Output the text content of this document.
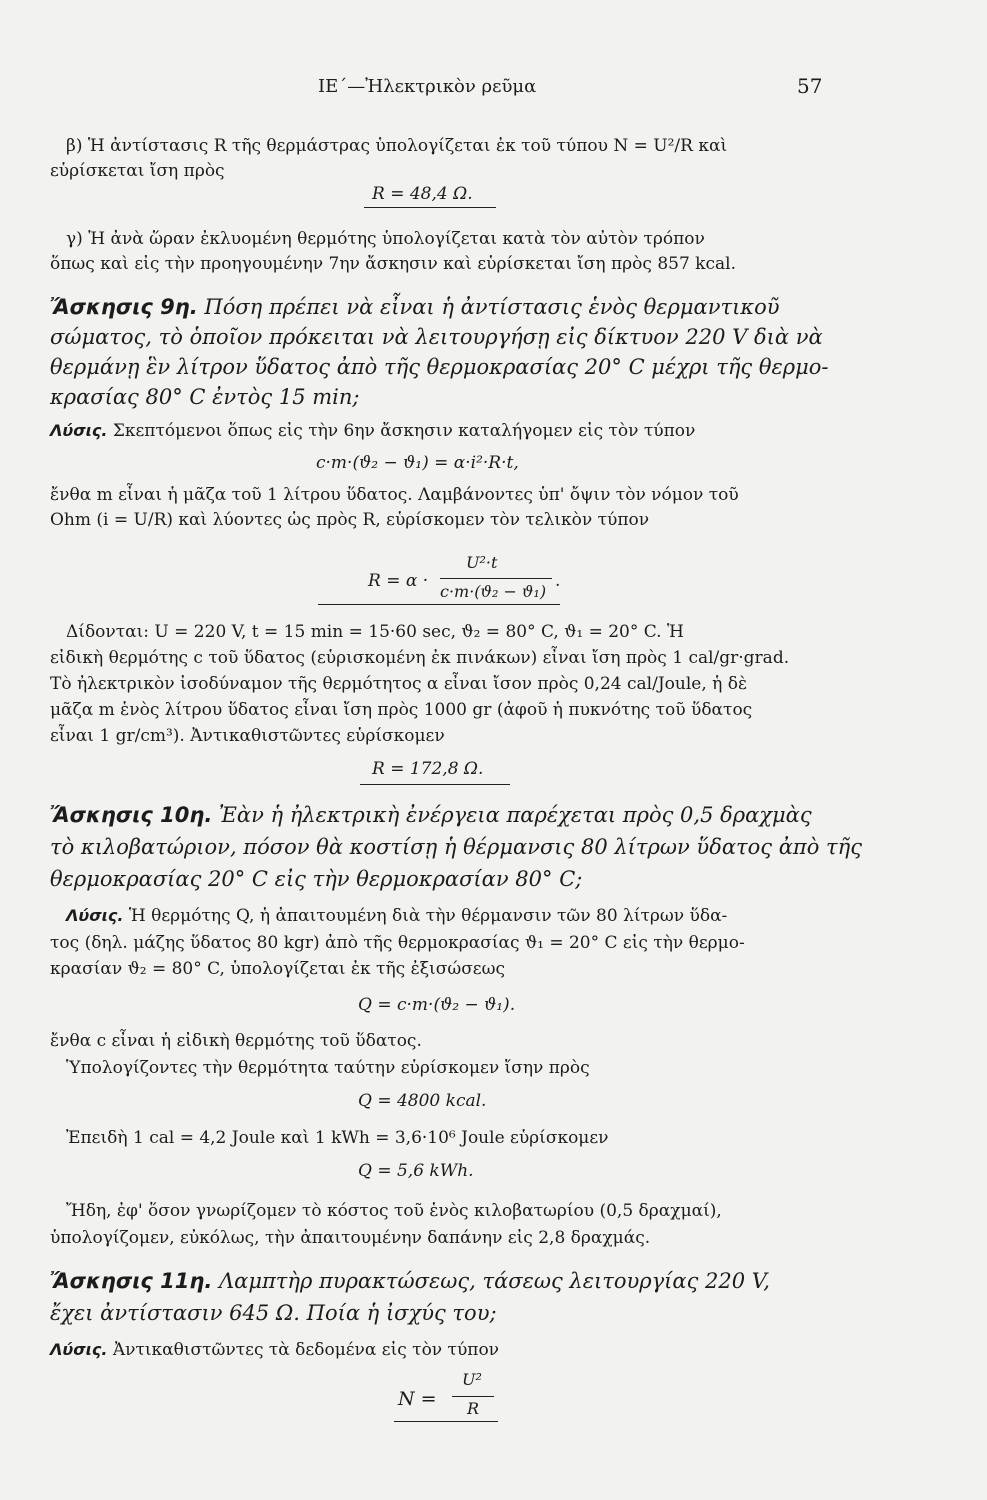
ΙΕ΄—Ἠλεκτρικὸν ρεῦμα	57
β) Ἡ ἀντίστασις R τῆς θερμάστρας ὑπολογίζεται ἐκ τοῦ τύπου N = U²/R καὶ
εὑρίσκεται ἴση πρὸς
R = 48,4 Ω.
γ) Ἡ ἀνὰ ὥραν ἐκλυομένη θερμότης ὑπολογίζεται κατὰ τὸν αὐτὸν τρόπον
ὅπως καὶ εἰς τὴν προηγουμένην 7ην ἄσκησιν καὶ εὑρίσκεται ἴση πρὸς 857 kcal.
Ἄσκησις 9η. Πόση πρέπει νὰ εἶναι ἡ ἀντίστασις ἑνὸς θερμαντικοῦ
σώματος, τὸ ὁποῖον πρόκειται νὰ λειτουργήσῃ εἰς δίκτυον 220 V διὰ νὰ
θερμάνῃ ἓν λίτρον ὕδατος ἀπὸ τῆς θερμοκρασίας 20° C μέχρι τῆς θερμο-
κρασίας 80° C ἐντὸς 15 min;
Λύσις. Σκεπτόμενοι ὅπως εἰς τὴν 6ην ἄσκησιν καταλήγομεν εἰς τὸν τύπον
c·m·(ϑ₂ − ϑ₁) = α·i²·R·t,
ἔνθα m εἶναι ἡ μᾶζα τοῦ 1 λίτρου ὕδατος. Λαμβάνοντες ὑπ' ὄψιν τὸν νόμον τοῦ
Ohm (i = U/R) καὶ λύοντες ὡς πρὸς R, εὑρίσκομεν τὸν τελικὸν τύπον
R = α ·
U²·t
c·m·(ϑ₂ − ϑ₁)
.
Δίδονται: U = 220 V, t = 15 min = 15·60 sec, ϑ₂ = 80° C, ϑ₁ = 20° C. Ἡ
εἰδικὴ θερμότης c τοῦ ὕδατος (εὑρισκομένη ἐκ πινάκων) εἶναι ἴση πρὸς 1 cal/gr·grad.
Τὸ ἠλεκτρικὸν ἰσοδύναμον τῆς θερμότητος α εἶναι ἴσον πρὸς 0,24 cal/Joule, ἡ δὲ
μᾶζα m ἑνὸς λίτρου ὕδατος εἶναι ἴση πρὸς 1000 gr (ἀφοῦ ἡ πυκνότης τοῦ ὕδατος
εἶναι 1 gr/cm³). Ἀντικαθιστῶντες εὑρίσκομεν
R = 172,8 Ω.
Ἄσκησις 10η. Ἐὰν ἡ ἠλεκτρικὴ ἐνέργεια παρέχεται πρὸς 0,5 δραχμὰς
τὸ κιλοβατώριον, πόσον θὰ κοστίσῃ ἡ θέρμανσις 80 λίτρων ὕδατος ἀπὸ τῆς
θερμοκρασίας 20° C εἰς τὴν θερμοκρασίαν 80° C;
Λύσις. Ἡ θερμότης Q, ἡ ἀπαιτουμένη διὰ τὴν θέρμανσιν τῶν 80 λίτρων ὕδα-
τος (δηλ. μάζης ὕδατος 80 kgr) ἀπὸ τῆς θερμοκρασίας ϑ₁ = 20° C εἰς τὴν θερμο-
κρασίαν ϑ₂ = 80° C, ὑπολογίζεται ἐκ τῆς ἐξισώσεως
Q = c·m·(ϑ₂ − ϑ₁).
ἔνθα c εἶναι ἡ εἰδικὴ θερμότης τοῦ ὕδατος.
Ὑπολογίζοντες τὴν θερμότητα ταύτην εὑρίσκομεν ἴσην πρὸς
Q = 4800 kcal.
Ἐπειδὴ 1 cal = 4,2 Joule καὶ 1 kWh = 3,6·10⁶ Joule εὑρίσκομεν
Q = 5,6 kWh.
Ἤδη, ἐφ' ὅσον γνωρίζομεν τὸ κόστος τοῦ ἑνὸς κιλοβατωρίου (0,5 δραχμαί),
ὑπολογίζομεν, εὐκόλως, τὴν ἀπαιτουμένην δαπάνην εἰς 2,8 δραχμάς.
Ἄσκησις 11η. Λαμπτὴρ πυρακτώσεως, τάσεως λειτουργίας 220 V,
ἔχει ἀντίστασιν 645 Ω. Ποία ἡ ἰσχύς του;
Λύσις. Ἀντικαθιστῶντες τὰ δεδομένα εἰς τὸν τύπον
N =
U²
R
